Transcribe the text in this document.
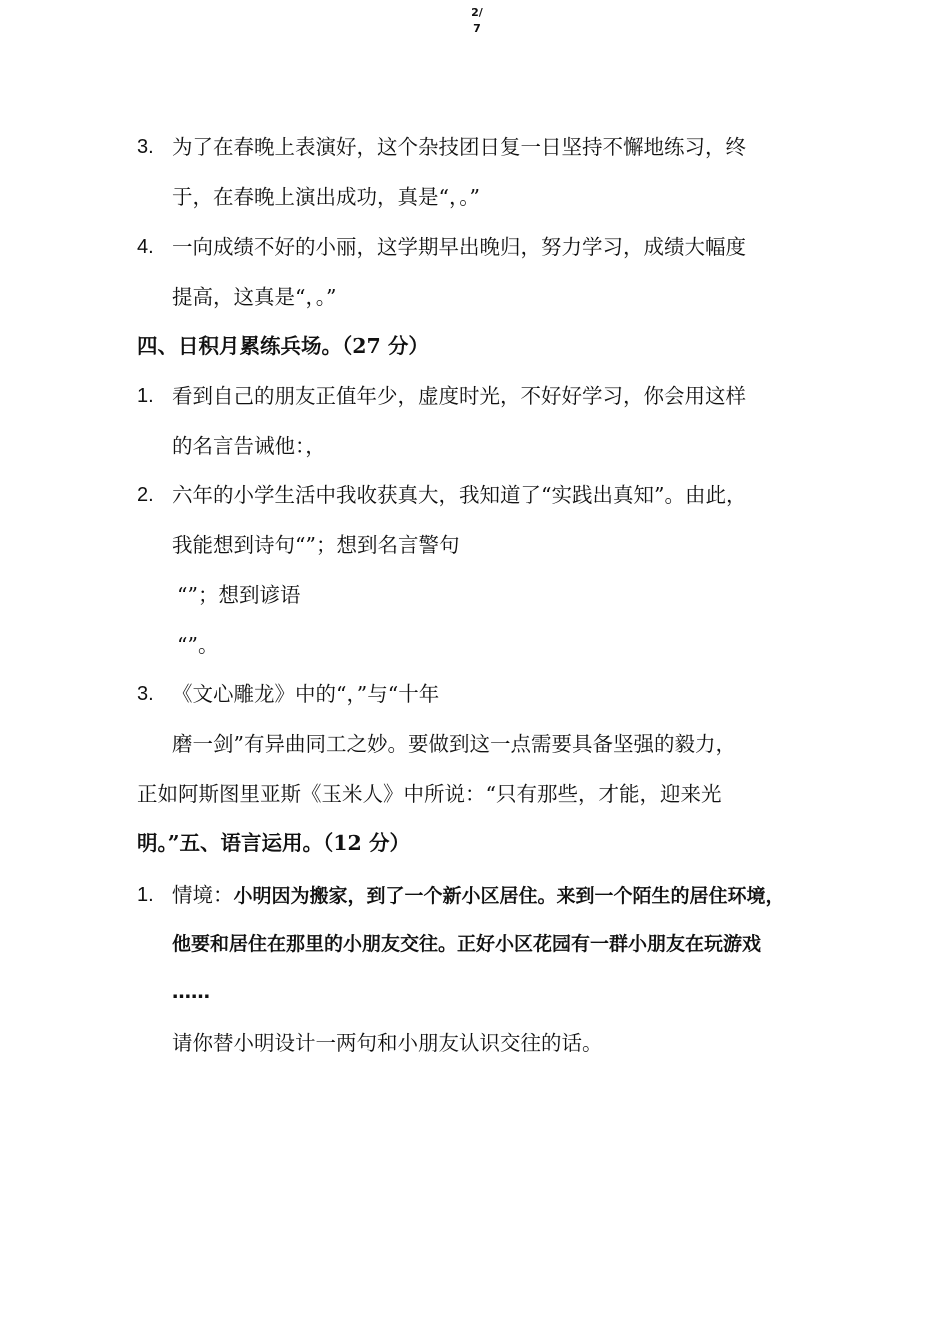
2/
7
3. 为了在春晚上表演好，这个杂技团日复一日坚持不懈地练习，终
于，在春晚上演出成功，真是“，。”
4. 一向成绩不好的小丽，这学期早出晚归，努力学习，成绩大幅度
提高，这真是“，。”
四、日积月累练兵场。（27 分）
1. 看到自己的朋友正值年少，虚度时光，不好好学习，你会用这样
的名言告诫他：，
2. 六年的小学生活中我收获真大，我知道了“实践出真知”。由此，
我能想到诗句“”；想到名言警句
“”；想到谚语
“”。
3. 《文心雕龙》中的“，”与“十年
磨一剑”有异曲同工之妙。要做到这一点需要具备坚强的毅力，
正如阿斯图里亚斯《玉米人》中所说：“只有那些，才能，迎来光
明。”五、语言运用。（12 分）
1. 情境：小明因为搬家，到了一个新小区居住。来到一个陌生的居住环境，
他要和居住在那里的小朋友交往。正好小区花园有一群小朋友在玩游戏
……
请你替小明设计一两句和小朋友认识交往的话。
